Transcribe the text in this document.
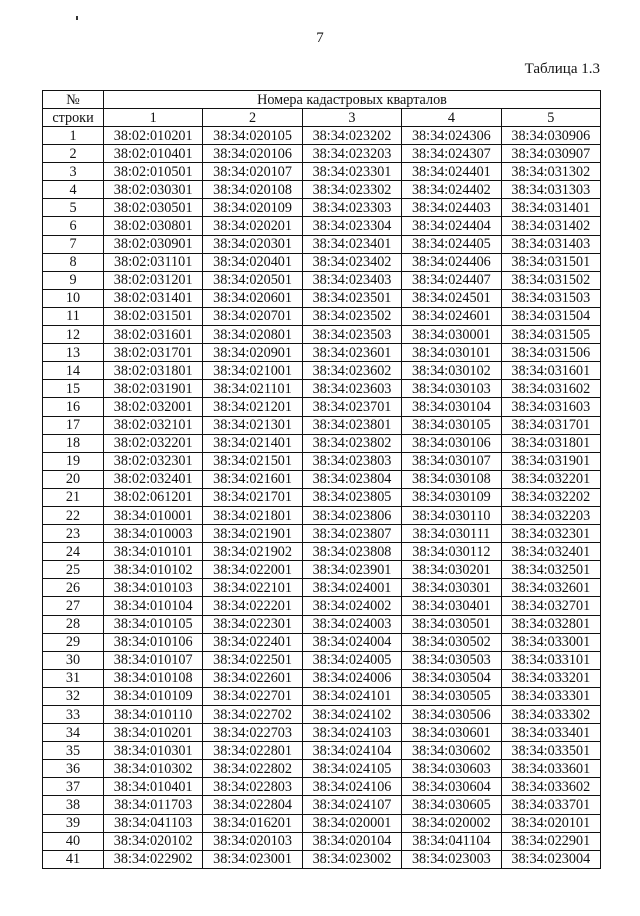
7
Таблица 1.3
№	Номера кадастровых кварталов				
строки	1	2	3	4	5
1	38:02:010201	38:34:020105	38:34:023202	38:34:024306	38:34:030906
2	38:02:010401	38:34:020106	38:34:023203	38:34:024307	38:34:030907
3	38:02:010501	38:34:020107	38:34:023301	38:34:024401	38:34:031302
4	38:02:030301	38:34:020108	38:34:023302	38:34:024402	38:34:031303
5	38:02:030501	38:34:020109	38:34:023303	38:34:024403	38:34:031401
6	38:02:030801	38:34:020201	38:34:023304	38:34:024404	38:34:031402
7	38:02:030901	38:34:020301	38:34:023401	38:34:024405	38:34:031403
8	38:02:031101	38:34:020401	38:34:023402	38:34:024406	38:34:031501
9	38:02:031201	38:34:020501	38:34:023403	38:34:024407	38:34:031502
10	38:02:031401	38:34:020601	38:34:023501	38:34:024501	38:34:031503
11	38:02:031501	38:34:020701	38:34:023502	38:34:024601	38:34:031504
12	38:02:031601	38:34:020801	38:34:023503	38:34:030001	38:34:031505
13	38:02:031701	38:34:020901	38:34:023601	38:34:030101	38:34:031506
14	38:02:031801	38:34:021001	38:34:023602	38:34:030102	38:34:031601
15	38:02:031901	38:34:021101	38:34:023603	38:34:030103	38:34:031602
16	38:02:032001	38:34:021201	38:34:023701	38:34:030104	38:34:031603
17	38:02:032101	38:34:021301	38:34:023801	38:34:030105	38:34:031701
18	38:02:032201	38:34:021401	38:34:023802	38:34:030106	38:34:031801
19	38:02:032301	38:34:021501	38:34:023803	38:34:030107	38:34:031901
20	38:02:032401	38:34:021601	38:34:023804	38:34:030108	38:34:032201
21	38:02:061201	38:34:021701	38:34:023805	38:34:030109	38:34:032202
22	38:34:010001	38:34:021801	38:34:023806	38:34:030110	38:34:032203
23	38:34:010003	38:34:021901	38:34:023807	38:34:030111	38:34:032301
24	38:34:010101	38:34:021902	38:34:023808	38:34:030112	38:34:032401
25	38:34:010102	38:34:022001	38:34:023901	38:34:030201	38:34:032501
26	38:34:010103	38:34:022101	38:34:024001	38:34:030301	38:34:032601
27	38:34:010104	38:34:022201	38:34:024002	38:34:030401	38:34:032701
28	38:34:010105	38:34:022301	38:34:024003	38:34:030501	38:34:032801
29	38:34:010106	38:34:022401	38:34:024004	38:34:030502	38:34:033001
30	38:34:010107	38:34:022501	38:34:024005	38:34:030503	38:34:033101
31	38:34:010108	38:34:022601	38:34:024006	38:34:030504	38:34:033201
32	38:34:010109	38:34:022701	38:34:024101	38:34:030505	38:34:033301
33	38:34:010110	38:34:022702	38:34:024102	38:34:030506	38:34:033302
34	38:34:010201	38:34:022703	38:34:024103	38:34:030601	38:34:033401
35	38:34:010301	38:34:022801	38:34:024104	38:34:030602	38:34:033501
36	38:34:010302	38:34:022802	38:34:024105	38:34:030603	38:34:033601
37	38:34:010401	38:34:022803	38:34:024106	38:34:030604	38:34:033602
38	38:34:011703	38:34:022804	38:34:024107	38:34:030605	38:34:033701
39	38:34:041103	38:34:016201	38:34:020001	38:34:020002	38:34:020101
40	38:34:020102	38:34:020103	38:34:020104	38:34:041104	38:34:022901
41	38:34:022902	38:34:023001	38:34:023002	38:34:023003	38:34:023004
